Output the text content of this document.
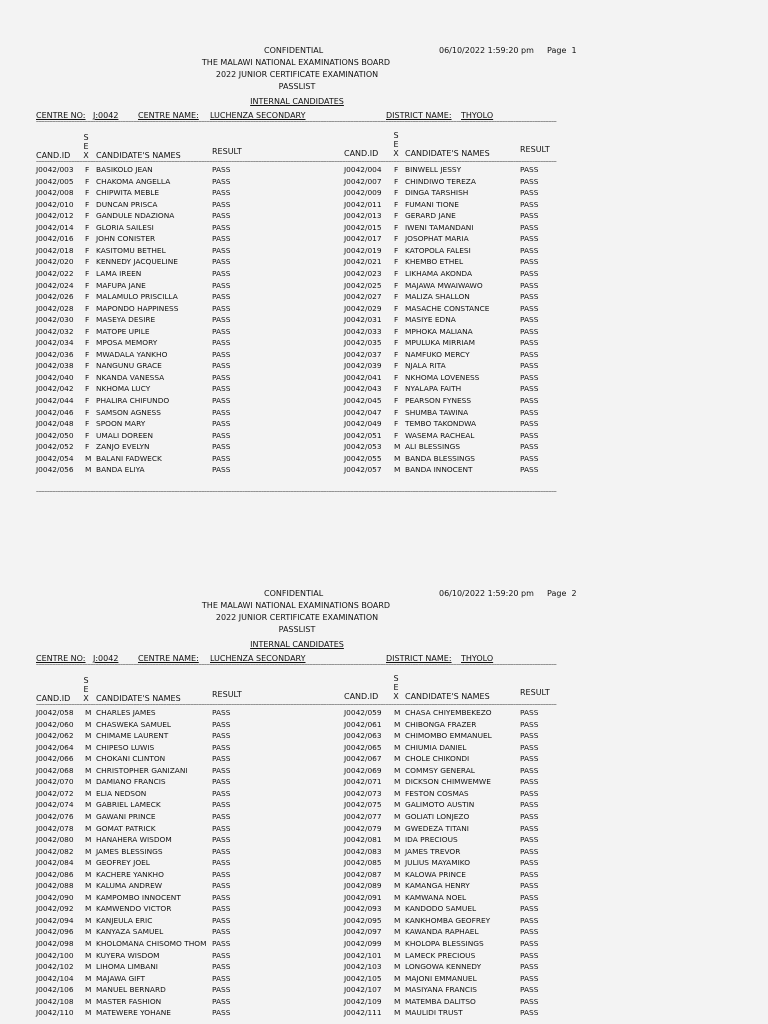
CONFIDENTIAL	06/10/2022 1:59:20 pm Page  1
THE MALAWI NATIONAL EXAMINATIONS BOARD
2022 JUNIOR CERTIFICATE EXAMINATION
PASSLIST
INTERNAL CANDIDATES
CENTRE NO: J:0042 CENTRE NAME: LUCHENZA SECONDARY	DISTRICT NAME: THYOLO
=====
S
E
X
CAND.ID	CANDIDATE'S NAMES	RESULT
S
E
X
CAND.ID	CANDIDATE'S NAMES	RESULT
=====
J0042/003 F BASIKOLO JEAN	PASS	J0042/004 F BINWELL JESSY	PASS
J0042/005 F CHAKOMA ANGELLA	PASS	J0042/007 F CHINDIWO TEREZA	PASS
J0042/008 F CHIPWITA MEBLE	PASS	J0042/009 F DINGA TARSHISH	PASS
J0042/010 F DUNCAN PRISCA	PASS	J0042/011 F FUMANI TIONE	PASS
J0042/012 F GANDULE NDAZIONA	PASS	J0042/013 F GERARD JANE	PASS
J0042/014 F GLORIA SAILESI	PASS	J0042/015 F IWENI TAMANDANI	PASS
J0042/016 F JOHN CONISTER	PASS	J0042/017 F JOSOPHAT MARIA	PASS
J0042/018 F KASITOMU BETHEL	PASS	J0042/019 F KATOPOLA FALESI	PASS
J0042/020 F KENNEDY JACQUELINE	PASS	J0042/021 F KHEMBO ETHEL	PASS
J0042/022 F LAMA IREEN	PASS	J0042/023 F LIKHAMA AKONDA	PASS
J0042/024 F MAFUPA JANE	PASS	J0042/025 F MAJAWA MWAIWAWO	PASS
J0042/026 F MALAMULO PRISCILLA	PASS	J0042/027 F MALIZA SHALLON	PASS
J0042/028 F MAPONDO HAPPINESS	PASS	J0042/029 F MASACHE CONSTANCE	PASS
J0042/030 F MASEYA DESIRE	PASS	J0042/031 F MASIYE EDNA	PASS
J0042/032 F MATOPE UPILE	PASS	J0042/033 F MPHOKA MALIANA	PASS
J0042/034 F MPOSA MEMORY	PASS	J0042/035 F MPULUKA MIRRIAM	PASS
J0042/036 F MWADALA YANKHO	PASS	J0042/037 F NAMFUKO MERCY	PASS
J0042/038 F NANGUNU GRACE	PASS	J0042/039 F NJALA RITA	PASS
J0042/040 F NKANDA VANESSA	PASS	J0042/041 F NKHOMA LOVENESS	PASS
J0042/042 F NKHOMA LUCY	PASS	J0042/043 F NYALAPA FAITH	PASS
J0042/044 F PHALIRA CHIFUNDO	PASS	J0042/045 F PEARSON FYNESS	PASS
J0042/046 F SAMSON AGNESS	PASS	J0042/047 F SHUMBA TAWINA	PASS
J0042/048 F SPOON MARY	PASS	J0042/049 F TEMBO TAKONDWA	PASS
J0042/050 F UMALI DOREEN	PASS	J0042/051 F WASEMA RACHEAL	PASS
J0042/052 F ZANJO EVELYN	PASS	J0042/053 M ALI BLESSINGS	PASS
J0042/054 M BALANI FADWECK	PASS	J0042/055 M BANDA BLESSINGS	PASS
J0042/056 M BANDA ELIYA	PASS	J0042/057 M BANDA INNOCENT	PASS
=====
CONFIDENTIAL	06/10/2022 1:59:20 pm Page  2
THE MALAWI NATIONAL EXAMINATIONS BOARD
2022 JUNIOR CERTIFICATE EXAMINATION
PASSLIST
INTERNAL CANDIDATES
CENTRE NO: J:0042 CENTRE NAME: LUCHENZA SECONDARY	DISTRICT NAME: THYOLO
=====
S
E
X
CAND.ID	CANDIDATE'S NAMES	RESULT
S
E
X
CAND.ID	CANDIDATE'S NAMES	RESULT
=====
J0042/058 M CHARLES JAMES	PASS	J0042/059 M CHASA CHIYEMBEKEZO	PASS
J0042/060 M CHASWEKA SAMUEL	PASS	J0042/061 M CHIBONGA FRAZER	PASS
J0042/062 M CHIMAME LAURENT	PASS	J0042/063 M CHIMOMBO EMMANUEL	PASS
J0042/064 M CHIPESO LUWIS	PASS	J0042/065 M CHIUMIA DANIEL	PASS
J0042/066 M CHOKANI CLINTON	PASS	J0042/067 M CHOLE CHIKONDI	PASS
J0042/068 M CHRISTOPHER GANIZANI	PASS	J0042/069 M COMMSY GENERAL	PASS
J0042/070 M DAMIANO FRANCIS	PASS	J0042/071 M DICKSON CHIMWEMWE	PASS
J0042/072 M ELIA NEDSON	PASS	J0042/073 M FESTON COSMAS	PASS
J0042/074 M GABRIEL LAMECK	PASS	J0042/075 M GALIMOTO AUSTIN	PASS
J0042/076 M GAWANI PRINCE	PASS	J0042/077 M GOLIATI LONJEZO	PASS
J0042/078 M GOMAT PATRICK	PASS	J0042/079 M GWEDEZA TITANI	PASS
J0042/080 M HANAHERA WISDOM	PASS	J0042/081 M IDA PRECIOUS	PASS
J0042/082 M JAMES BLESSINGS	PASS	J0042/083 M JAMES TREVOR	PASS
J0042/084 M GEOFREY JOEL	PASS	J0042/085 M JULIUS MAYAMIKO	PASS
J0042/086 M KACHERE YANKHO	PASS	J0042/087 M KALOWA PRINCE	PASS
J0042/088 M KALUMA ANDREW	PASS	J0042/089 M KAMANGA HENRY	PASS
J0042/090 M KAMPOMBO INNOCENT	PASS	J0042/091 M KAMWANA NOEL	PASS
J0042/092 M KAMWENDO VICTOR	PASS	J0042/093 M KANDODO SAMUEL	PASS
J0042/094 M KANJEULA ERIC	PASS	J0042/095 M KANKHOMBA GEOFREY	PASS
J0042/096 M KANYAZA SAMUEL	PASS	J0042/097 M KAWANDA RAPHAEL	PASS
J0042/098 M KHOLOMANA CHISOMO THOM PASS	J0042/099 M KHOLOPA BLESSINGS	PASS
J0042/100 M KUYERA WISDOM	PASS	J0042/101 M LAMECK PRECIOUS	PASS
J0042/102 M LIHOMA LIMBANI	PASS	J0042/103 M LONGOWA KENNEDY	PASS
J0042/104 M MAJAWA GIFT	PASS	J0042/105 M MAJONI EMMANUEL	PASS
J0042/106 M MANUEL BERNARD	PASS	J0042/107 M MASIYANA FRANCIS	PASS
J0042/108 M MASTER FASHION	PASS	J0042/109 M MATEMBA DALITSO	PASS
J0042/110 M MATEWERE YOHANE	PASS	J0042/111 M MAULIDI TRUST	PASS
